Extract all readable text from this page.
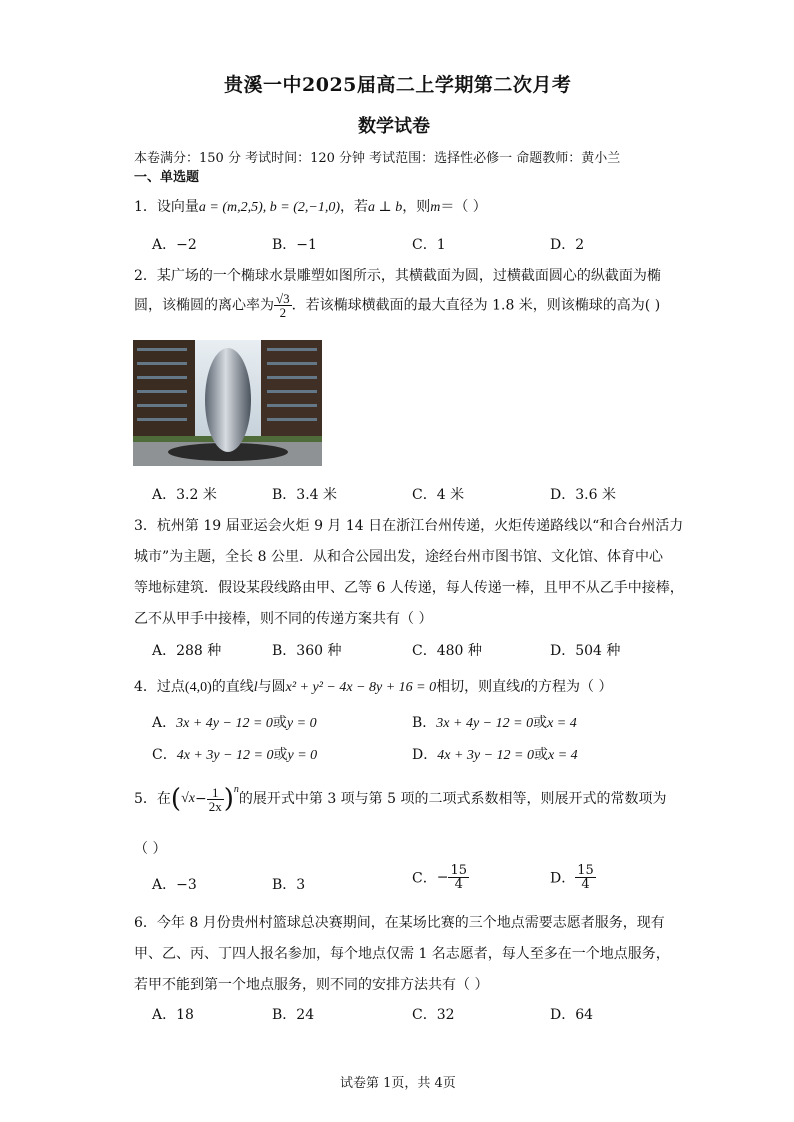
贵溪一中2025届高二上学期第二次月考
数学试卷
本卷满分：150 分 考试时间：120 分钟 考试范围：选择性必修一 命题教师：黄小兰
一、单选题
1．设向量a = (m,2,5), b = (2,−1,0)，若a ⊥ b，则m＝（ ）
A．−2	B．−1	C．1	D．2
2．某广场的一个椭球水景雕塑如图所示，其横截面为圆，过横截面圆心的纵截面为椭
圆，该椭圆的离心率为 $\frac{√3}{2}$ ．若该椭球横截面的最大直径为 1.8 米，则该椭球的高为( )
A．3.2 米	B．3.4 米	C．4 米	D．3.6 米
3．杭州第 19 届亚运会火炬 9 月 14 日在浙江台州传递，火炬传递路线以“和合台州活力
城市”为主题，全长 8 公里．从和合公园出发，途经台州市图书馆、文化馆、体育中心
等地标建筑．假设某段线路由甲、乙等 6 人传递，每人传递一棒，且甲不从乙手中接棒，
乙不从甲手中接棒，则不同的传递方案共有（ ）
A．288 种	B．360 种	C．480 种	D．504 种
4．过点(4,0)的直线l与圆x² + y² − 4x − 8y + 16 = 0相切，则直线l的方程为（ ）
A．3x + 4y − 12 = 0或y = 0	B．3x + 4y − 12 = 0或x = 4
C．4x + 3y − 12 = 0或y = 0	D．4x + 3y − 12 = 0或x = 4
5．在$(√x- \frac{1}{2x} )^n$的展开式中第 3 项与第 5 项的二项式系数相等，则展开式的常数项为
（ ）
A．−3	B．3	C．− $\frac{15}{4}$	D． $\frac{15}{4}$
6．今年 8 月份贵州村篮球总决赛期间，在某场比赛的三个地点需要志愿者服务，现有
甲、乙、丙、丁四人报名参加，每个地点仅需 1 名志愿者，每人至多在一个地点服务，
若甲不能到第一个地点服务，则不同的安排方法共有（ ）
A．18	B．24	C．32	D．64
试卷第 1页，共 4页
